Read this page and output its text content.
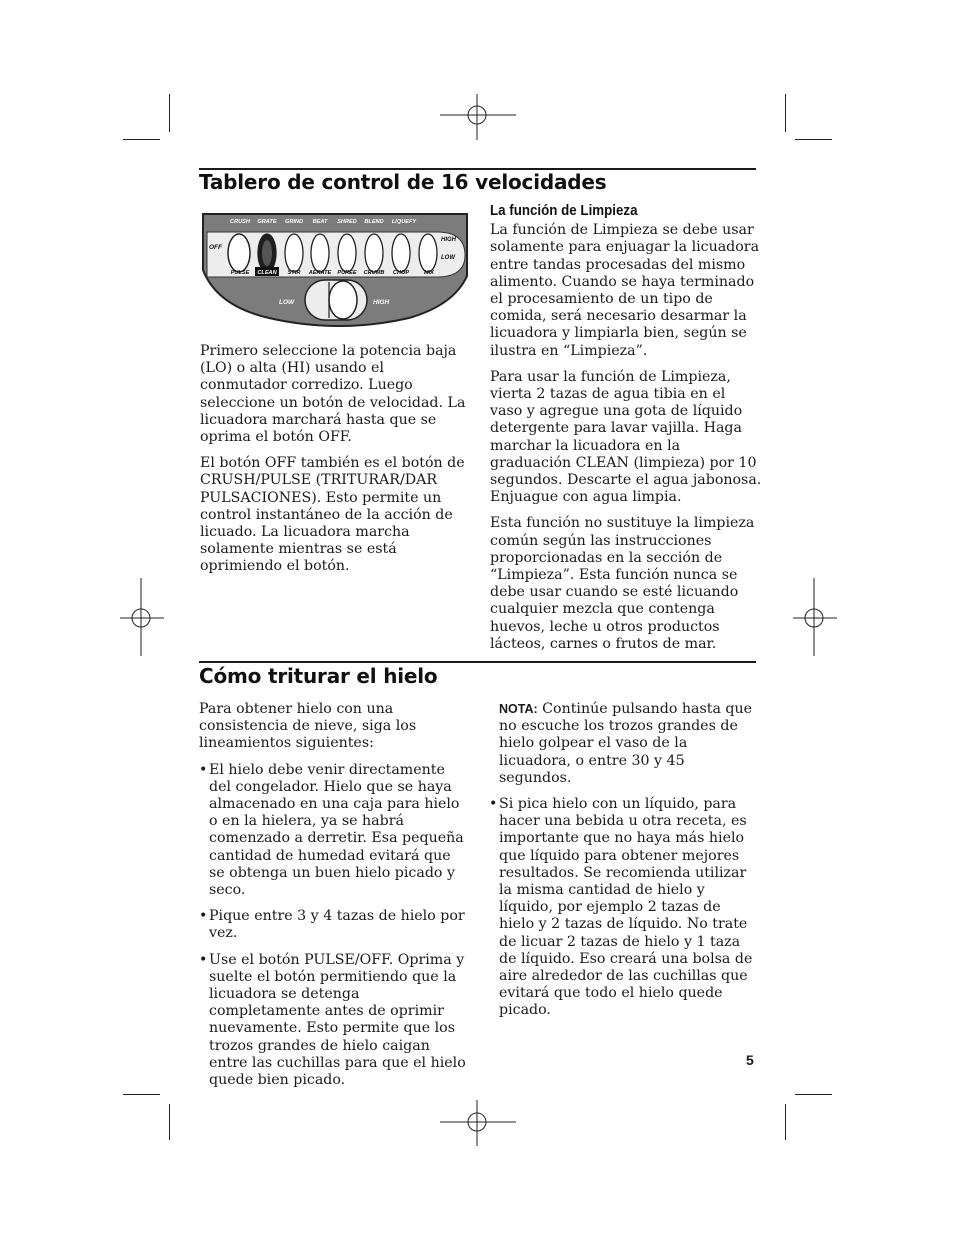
Tablero de control de 16 velocidades
OFF
HIGH
LOW
LOW	HIGH
CRUSH GRATE GRIND BEAT SHRED BLEND LIQUEFY
PULSE CLEAN STIR AERATE PUREE CRUMB CHOP	MIX

Primero seleccione la potencia baja (LO) o alta (HI) usando el conmutador corredizo. Luego seleccione un botón de velocidad. La licuadora marchará hasta que se oprima el botón OFF.

El botón OFF también es el botón de CRUSH/PULSE (TRITURAR/DAR PULSACIONES). Esto permite un control instantáneo de la acción de licuado. La licuadora marcha solamente mientras se está oprimiendo el botón.

La función de Limpieza

La función de Limpieza se debe usar solamente para enjuagar la licuadora entre tandas procesadas del mismo alimento. Cuando se haya terminado el procesamiento de un tipo de comida, será necesario desarmar la licuadora y limpiarla bien, según se ilustra en “Limpieza”.

Para usar la función de Limpieza, vierta 2 tazas de agua tibia en el vaso y agregue una gota de líquido detergente para lavar vajilla. Haga marchar la licuadora en la graduación CLEAN (limpieza) por 10 segundos. Descarte el agua jabonosa. Enjuague con agua limpia.

Esta función no sustituye la limpieza común según las instrucciones proporcionadas en la sección de “Limpieza”. Esta función nunca se debe usar cuando se esté licuando cualquier mezcla que contenga huevos, leche u otros productos lácteos, carnes o frutos de mar.

Cómo triturar el hielo

Para obtener hielo con una consistencia de nieve, siga los lineamientos siguientes:

• El hielo debe venir directamente del congelador. Hielo que se haya almacenado en una caja para hielo o en la hielera, ya se habrá comenzado a derretir. Esa pequeña cantidad de humedad evitará que se obtenga un buen hielo picado y seco.
• Pique entre 3 y 4 tazas de hielo por vez.
• Use el botón PULSE/OFF. Oprima y suelte el botón permitiendo que la licuadora se detenga completamente antes de oprimir nuevamente. Esto permite que los trozos grandes de hielo caigan entre las cuchillas para que el hielo quede bien picado.

NOTA: Continúe pulsando hasta que no escuche los trozos grandes de hielo golpear el vaso de la licuadora, o entre 30 y 45 segundos.

• Si pica hielo con un líquido, para hacer una bebida u otra receta, es importante que no haya más hielo que líquido para obtener mejores resultados. Se recomienda utilizar la misma cantidad de hielo y líquido, por ejemplo 2 tazas de hielo y 2 tazas de líquido. No trate de licuar 2 tazas de hielo y 1 taza de líquido. Eso creará una bolsa de aire alrededor de las cuchillas que evitará que todo el hielo quede picado.
5
